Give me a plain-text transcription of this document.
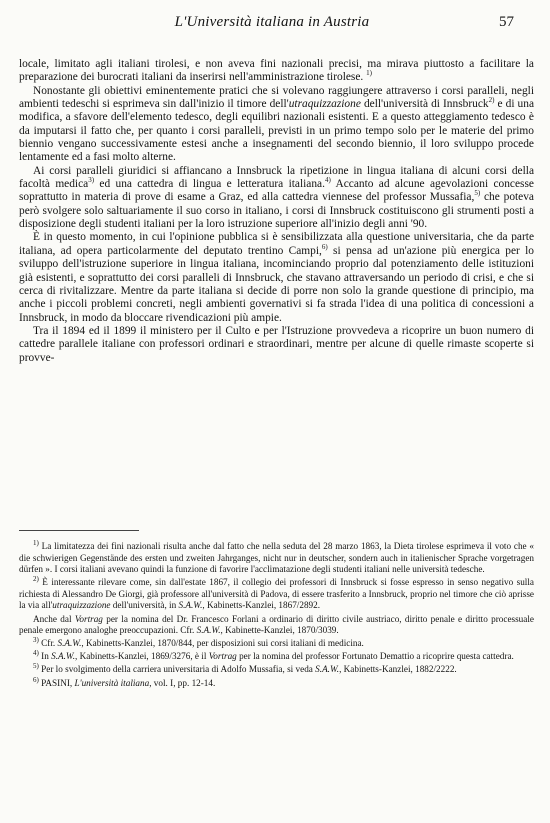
L'Università italiana in Austria	57

locale, limitato agli italiani tirolesi, e non aveva fini nazionali precisi, ma mirava piuttosto a facilitare la preparazione dei burocrati italiani da inserirsi nell'amministrazione tirolese. $^{1)}$

Nonostante gli obiettivi eminentemente pratici che si volevano raggiungere attraverso i corsi paralleli, negli ambienti tedeschi si esprimeva sin dall'inizio il timore dell'utraquizzazione dell'università di Innsbruck$^{2)}$ e di una modifica, a sfavore dell'elemento tedesco, degli equilibri nazionali esistenti. E a questo atteggiamento tedesco è da imputarsi il fatto che, per quanto i corsi paralleli, previsti in un primo tempo solo per le materie del primo biennio vengano successivamente estesi anche a insegnamenti del secondo biennio, il loro sviluppo procede lentamente ed a fasi molto alterne.

Ai corsi paralleli giuridici si affiancano a Innsbruck la ripetizione in lingua italiana di alcuni corsi della facoltà medica$^{3)}$ ed una cattedra di lingua e letteratura italiana.$^{4)}$ Accanto ad alcune agevolazioni concesse soprattutto in materia di prove di esame a Graz, ed alla cattedra viennese del professor Mussafia,$^{5)}$ che poteva però svolgere solo saltuariamente il suo corso in italiano, i corsi di Innsbruck costituiscono gli strumenti posti a disposizione degli studenti italiani per la loro istruzione superiore all'inizio degli anni '90.

È in questo momento, in cui l'opinione pubblica si è sensibilizzata alla questione universitaria, che da parte italiana, ad opera particolarmente del deputato trentino Campi,$^{6)}$ si pensa ad un'azione più energica per lo sviluppo dell'istruzione superiore in lingua italiana, incominciando proprio dal potenziamento delle istituzioni già esistenti, e soprattutto dei corsi paralleli di Innsbruck, che stavano attraversando un periodo di crisi, e che si cerca di rivitalizzare. Mentre da parte italiana si decide di porre non solo la grande questione di principio, ma anche i piccoli problemi concreti, negli ambienti governativi si fa strada l'idea di una politica di concessioni a Innsbruck, in modo da bloccare rivendicazioni più ampie.

Tra il 1894 ed il 1899 il ministero per il Culto e per l'Istruzione provvedeva a ricoprire un buon numero di cattedre parallele italiane con professori ordinari e straordinari, mentre per alcune di quelle rimaste scoperte si provve-

$^{1)}$ La limitatezza dei fini nazionali risulta anche dal fatto che nella seduta del 28 marzo 1863, la Dieta tirolese esprimeva il voto che « die schwierigen Gegenstände des ersten und zweiten Jahrganges, nicht nur in deutscher, sondern auch in italienischer Sprache vorgetragen dürfen ». I corsi italiani avevano quindi la funzione di favorire l'acclimatazione degli studenti italiani nelle università tedesche.

$^{2)}$ È interessante rilevare come, sin dall'estate 1867, il collegio dei professori di Innsbruck si fosse espresso in senso negativo sulla richiesta di Alessandro De Giorgi, già professore all'università di Padova, di essere trasferito a Innsbruck, proprio nel timore che ciò aprisse la via all'utraquizzazione dell'università, in S.A.W., Kabinetts-Kanzlei, 1867/2892.

Anche dal Vortrag per la nomina del Dr. Francesco Forlani a ordinario di diritto civile austriaco, diritto penale e diritto processuale penale emergono analoghe preoccupazioni. Cfr. S.A.W., Kabinette-Kanzlei, 1870/3039.

$^{3)}$ Cfr. S.A.W., Kabinetts-Kanzlei, 1870/844, per disposizioni sui corsi italiani di medicina.

$^{4)}$ In S.A.W., Kabinetts-Kanzlei, 1869/3276, è il Vortrag per la nomina del professor Fortunato Demattio a ricoprire questa cattedra.

$^{5)}$ Per lo svolgimento della carriera universitaria di Adolfo Mussafia, si veda S.A.W., Kabinetts-Kanzlei, 1882/2222.

$^{6)}$ PASINI, L'università italiana, vol. I, pp. 12-14.
